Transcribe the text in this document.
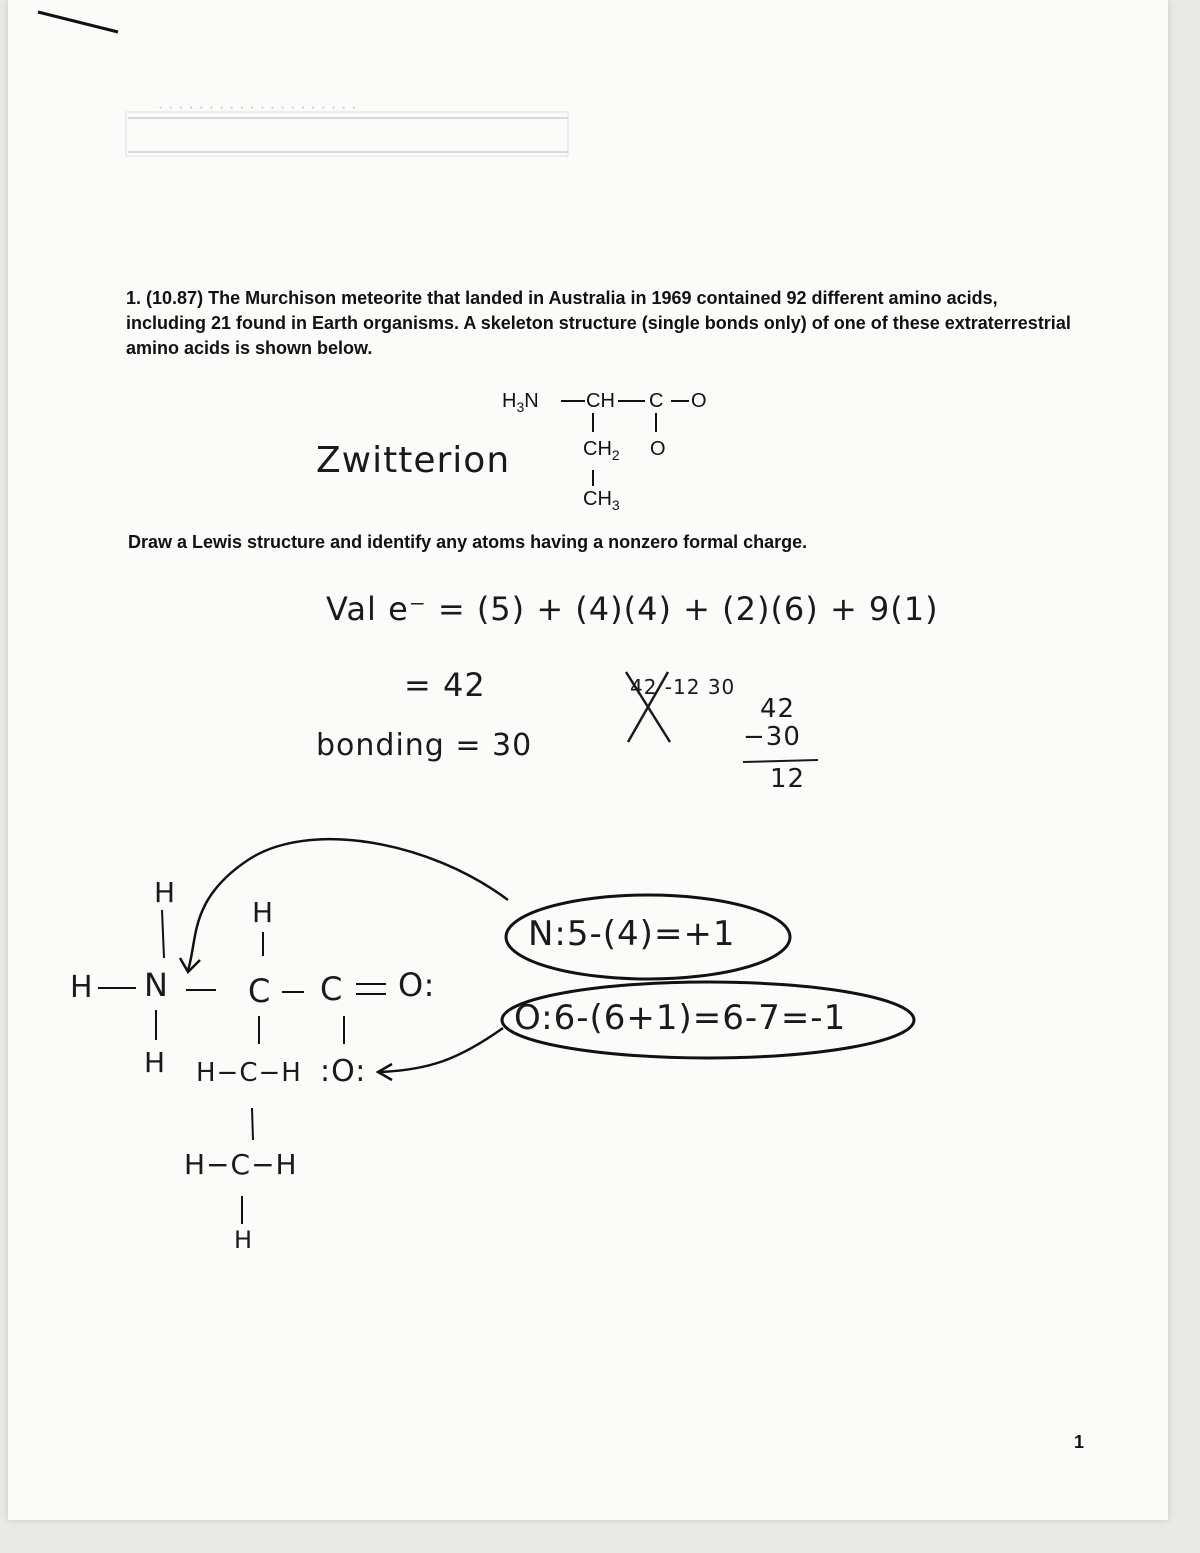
· · · · · · · · · · · · · · · · · · · ·
1. (10.87) The Murchison meteorite that landed in Australia in 1969 contained 92 different amino acids, including 21 found in Earth organisms. A skeleton structure (single bonds only) of one of these extraterrestrial amino acids is shown below.
$H_3N$ CH C O
$CH_2$ O
$CH_3$
Zwitterion
Draw a Lewis structure and identify any atoms having a nonzero formal charge.
Val e⁻ = (5) + (4)(4) + (2)(6) + 9(1)
= 42
bonding = 30
42 -12 30
42
−30
12
N:5-(4)=+1
O:6-(6+1)=6-7=-1
H
H N
H
H
C C O:
H−C−H :O:
H−C−H
H
1
